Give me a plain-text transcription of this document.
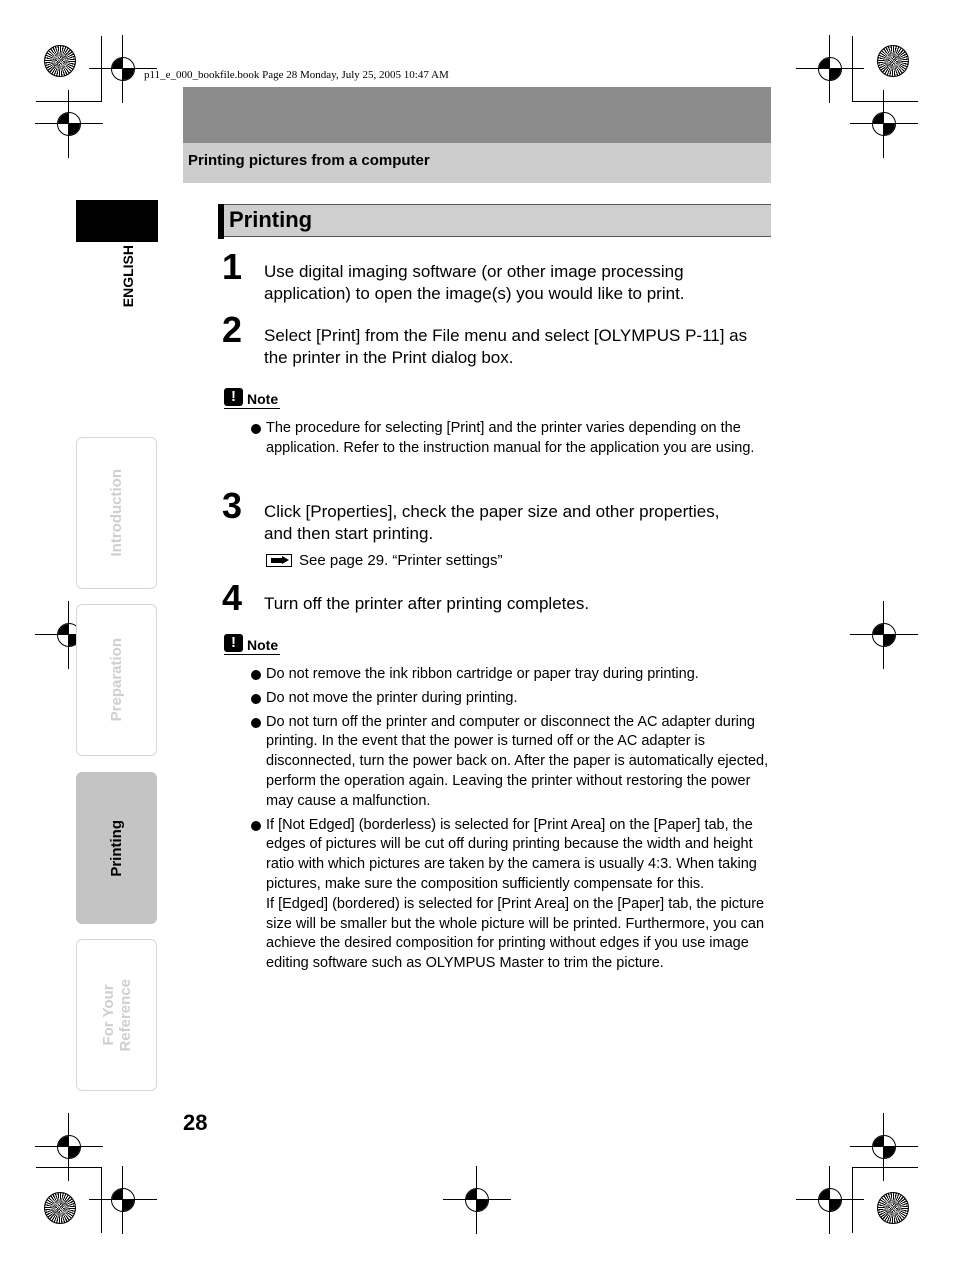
p11_e_000_bookfile.book Page 28 Monday, July 25, 2005 10:47 AM
Printing pictures from a computer
ENGLISH
Introduction
Preparation
Printing
For Your
Reference
Printing
1 Use digital imaging software (or other image processing
application) to open the image(s) you would like to print.
2 Select [Print] from the File menu and select [OLYMPUS P-11] as
the printer in the Print dialog box.
! Note
The procedure for selecting [Print] and the printer varies depending on the application. Refer to the instruction manual for the application you are using.
3 Click [Properties], check the paper size and other properties,
and then start printing.
See page 29. “Printer settings”
4 Turn off the printer after printing completes.
! Note
Do not remove the ink ribbon cartridge or paper tray during printing.
Do not move the printer during printing.
Do not turn off the printer and computer or disconnect the AC adapter during printing. In the event that the power is turned off or the AC adapter is disconnected, turn the power back on. After the paper is automatically ejected, perform the operation again. Leaving the printer without restoring the power may cause a malfunction.
If [Not Edged] (borderless) is selected for [Print Area] on the [Paper] tab, the edges of pictures will be cut off during printing because the width and height ratio with which pictures are taken by the camera is usually 4:3. When taking pictures, make sure the composition sufficiently compensate for this.
If [Edged] (bordered) is selected for [Print Area] on the [Paper] tab, the picture size will be smaller but the whole picture will be printed. Furthermore, you can achieve the desired composition for printing without edges if you use image editing software such as OLYMPUS Master to trim the picture.
28
